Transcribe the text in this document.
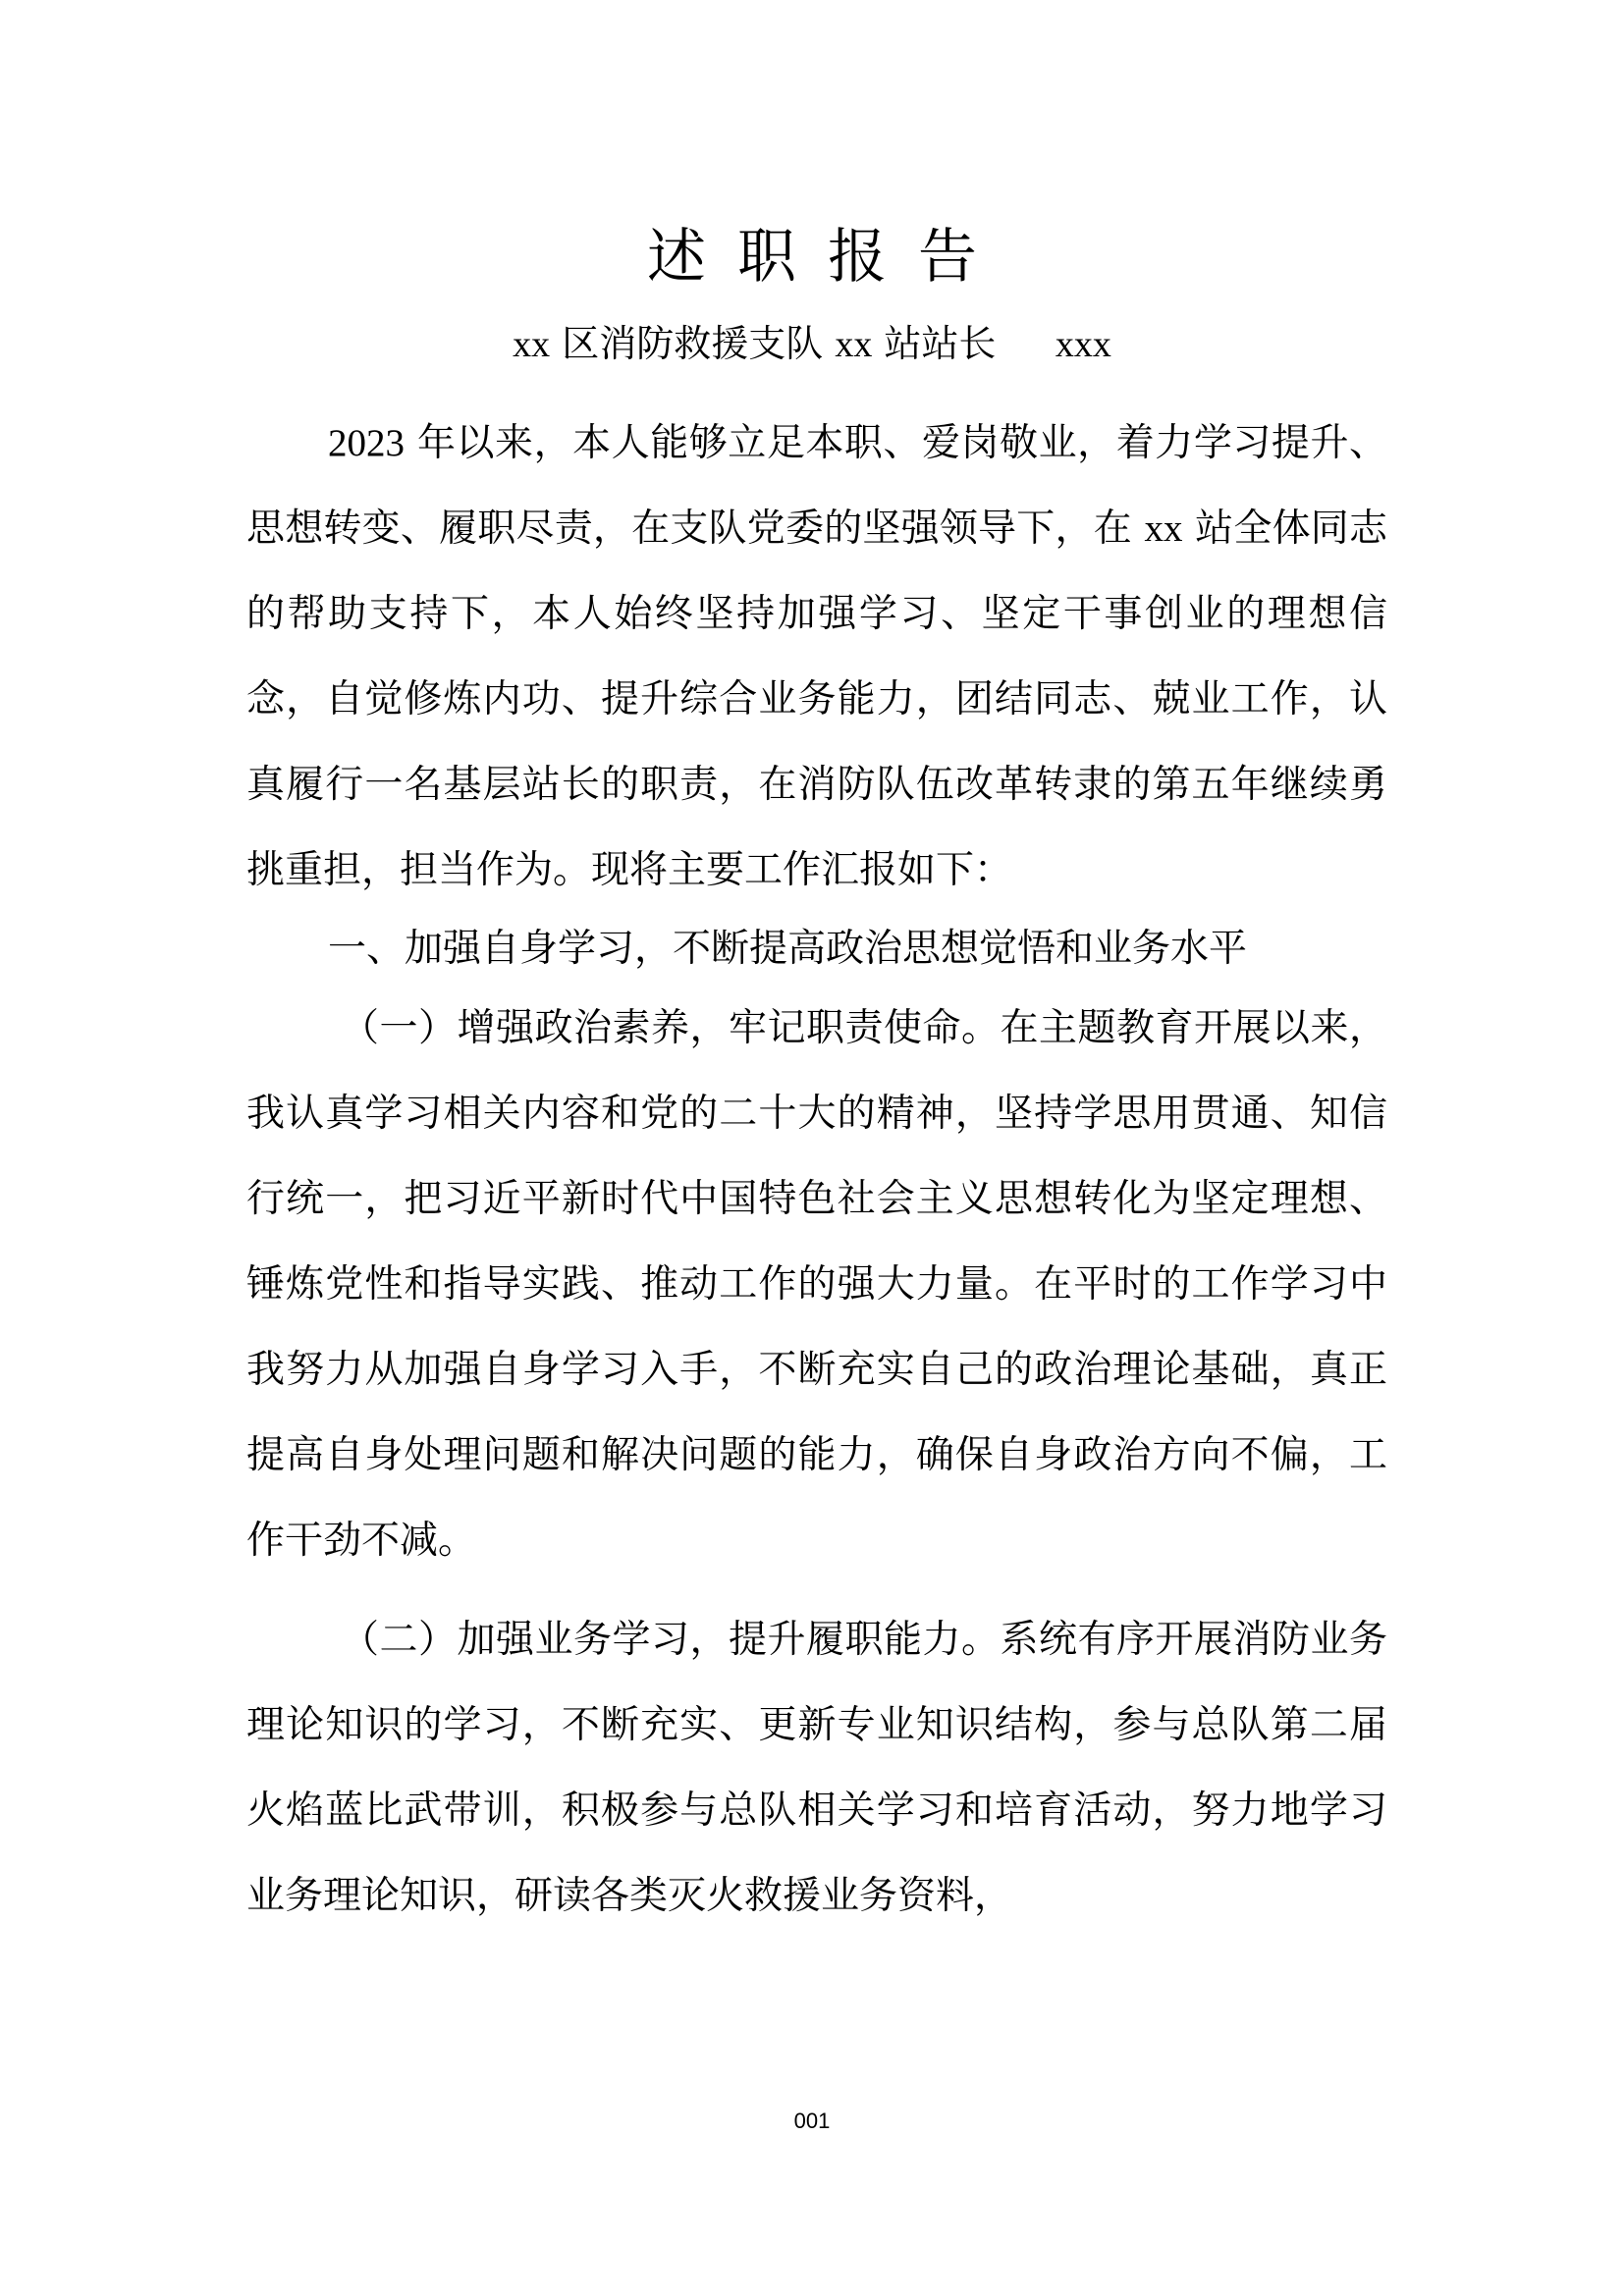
述职报告
xx 区消防救援支队 xx 站站长 xxx

2023 年以来，本人能够立足本职、爱岗敬业，着力学习提升、思想转变、履职尽责，在支队党委的坚强领导下，在 xx 站全体同志的帮助支持下，本人始终坚持加强学习、坚定干事创业的理想信念，自觉修炼内功、提升综合业务能力，团结同志、兢业工作，认真履行一名基层站长的职责，在消防队伍改革转隶的第五年继续勇挑重担，担当作为。现将主要工作汇报如下：

一、加强自身学习，不断提高政治思想觉悟和业务水平

（一）增强政治素养，牢记职责使命。在主题教育开展以来，我认真学习相关内容和党的二十大的精神，坚持学思用贯通、知信行统一，把习近平新时代中国特色社会主义思想转化为坚定理想、锤炼党性和指导实践、推动工作的强大力量。在平时的工作学习中我努力从加强自身学习入手，不断充实自己的政治理论基础，真正提高自身处理问题和解决问题的能力，确保自身政治方向不偏，工作干劲不减。

（二）加强业务学习，提升履职能力。系统有序开展消防业务理论知识的学习，不断充实、更新专业知识结构，参与总队第二届火焰蓝比武带训，积极参与总队相关学习和培育活动，努力地学习业务理论知识，研读各类灭火救援业务资料，

001
